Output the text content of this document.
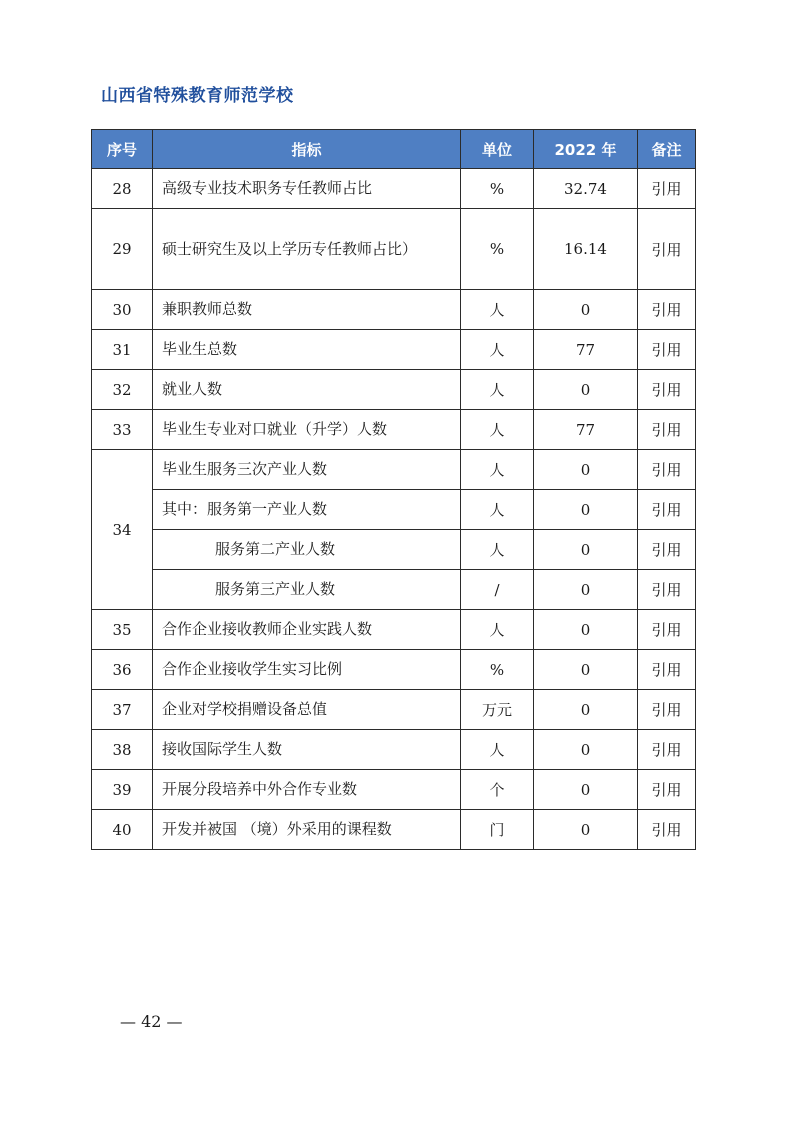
山西省特殊教育师范学校
序号	指标	单位	2022 年	备注
28	高级专业技术职务专任教师占比	%	32.74	引用
29	硕士研究生及以上学历专任教师占比）	%	16.14	引用
30	兼职教师总数	人	0	引用
31	毕业生总数	人	77	引用
32	就业人数	人	0	引用
33	毕业生专业对口就业（升学）人数	人	77	引用
34	毕业生服务三次产业人数	人	0	引用
	其中：服务第一产业人数	人	0	引用
	服务第二产业人数	人	0	引用
	服务第三产业人数	/	0	引用
35	合作企业接收教师企业实践人数	人	0	引用
36	合作企业接收学生实习比例	%	0	引用
37	企业对学校捐赠设备总值	万元	0	引用
38	接收国际学生人数	人	0	引用
39	开展分段培养中外合作专业数	个	0	引用
40	开发并被国 （境）外采用的课程数	门	0	引用
— 42 —
